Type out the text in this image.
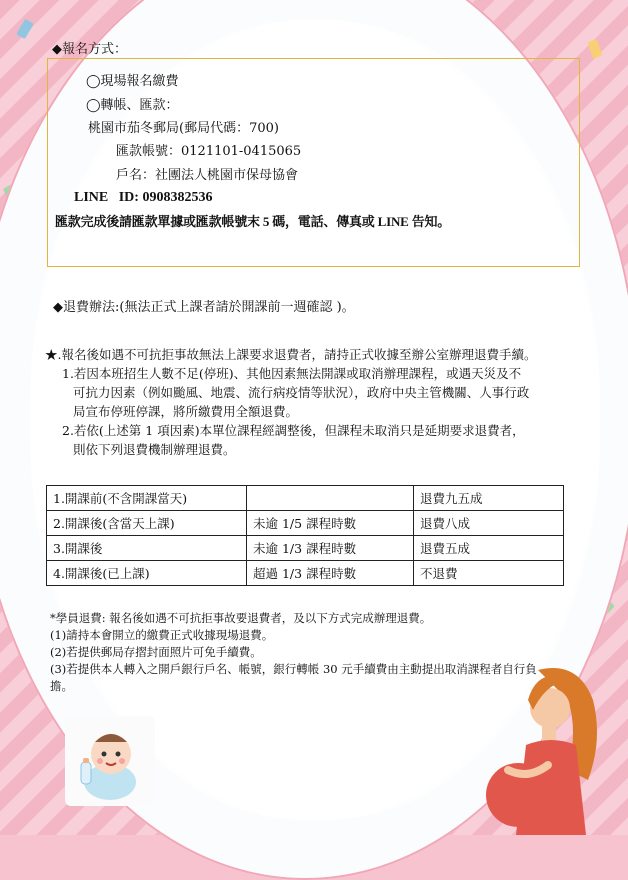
◆報名方式：
◯現場報名繳費
◯轉帳、匯款：
桃園市茄冬郵局(郵局代碼：700)
匯款帳號：0121101-0415065
戶名：社團法人桃園市保母協會
LINE   ID: 0908382536
匯款完成後請匯款單據或匯款帳號末 5 碼，電話、傳真或 LINE 告知。
◆退費辦法:(無法正式上課者請於開課前一週確認 )。
★.報名後如遇不可抗拒事故無法上課要求退費者，請持正式收據至辦公室辦理退費手續。
1.若因本班招生人數不足(停班)、其他因素無法開課或取消辦理課程，或遇天災及不
可抗力因素（例如颱風、地震、流行病疫情等狀況），政府中央主管機關、人事行政
局宣布停班停課，將所繳費用全額退費。
2.若依(上述第 1 項因素)本單位課程經調整後，但課程未取消只是延期要求退費者，
則依下列退費機制辦理退費。
1.開課前(不含開課當天)		退費九五成
2.開課後(含當天上課)	未逾 1/5 課程時數	退費八成
3.開課後	未逾 1/3 課程時數	退費五成
4.開課後(已上課)	超過 1/3 課程時數	不退費
*學員退費: 報名後如遇不可抗拒事故要退費者，及以下方式完成辦理退費。
(1)請持本會開立的繳費正式收據現場退費。
(2)若提供郵局存摺封面照片可免手續費。
(3)若提供本人轉入之開戶銀行戶名、帳號，銀行轉帳 30 元手續費由主動提出取消課程者自行負
擔。
